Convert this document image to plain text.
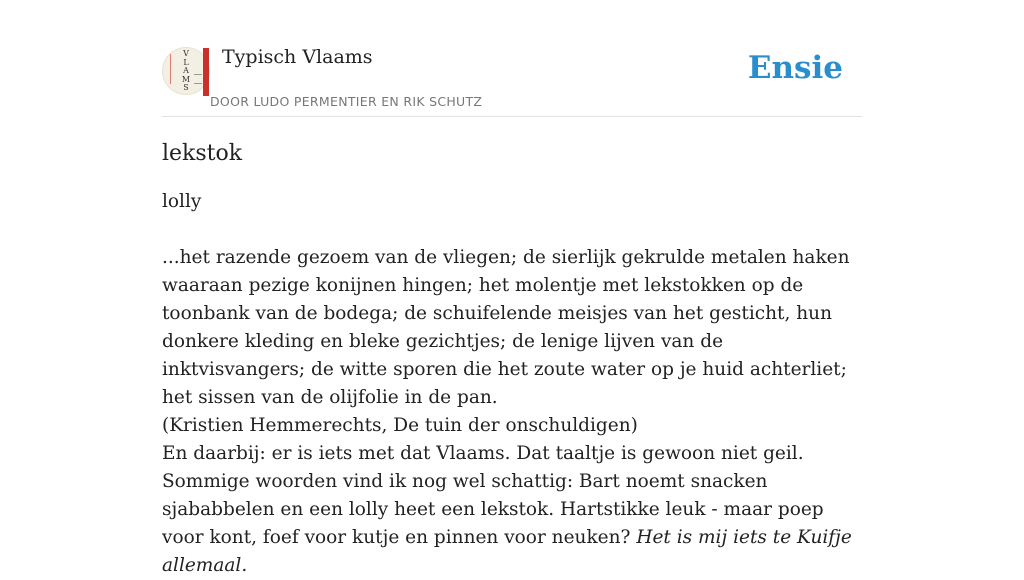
V
L
A
M
S
Typisch Vlaams
DOOR LUDO PERMENTIER EN RIK SCHUTZ
Ensie
lekstok

lolly

...het razende gezoem van de vliegen; de sierlijk gekrulde metalen haken waaraan pezige konijnen hingen; het molentje met lekstokken op de toonbank van de bodega; de schuifelende meisjes van het gesticht, hun donkere kleding en bleke gezichtjes; de lenige lijven van de inktvisvangers; de witte sporen die het zoute water op je huid achterliet; het sissen van de olijfolie in de pan.
(Kristien Hemmerechts, De tuin der onschuldigen)
En daarbij: er is iets met dat Vlaams. Dat taaltje is gewoon niet geil. Sommige woorden vind ik nog wel schattig: Bart noemt snacken sjababbelen en een lolly heet een lekstok. Hartstikke leuk - maar poep voor kont, foef voor kutje en pinnen voor neuken? Het is mij iets te Kuifje allemaal.
